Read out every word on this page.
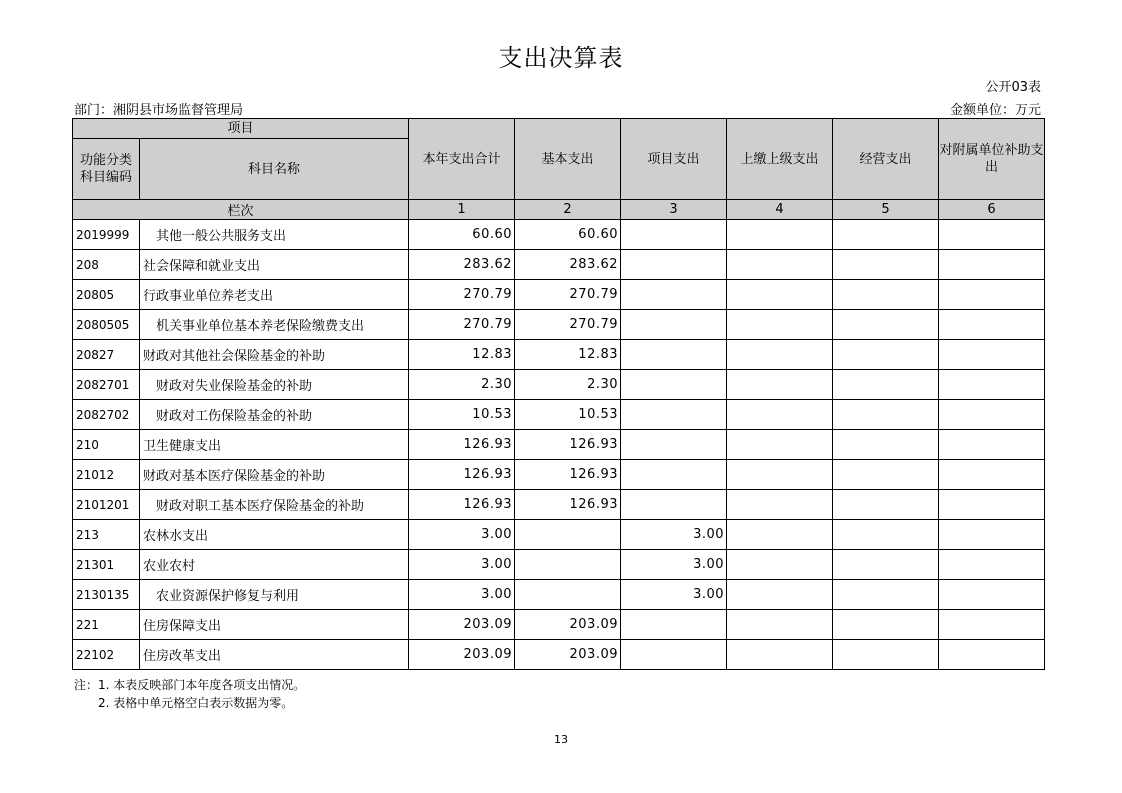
支出决算表
公开03表
部门：湘阴县市场监督管理局	金额单位：万元
项目		本年支出合计	基本支出	项目支出	上缴上级支出	经营支出	对附属单位补助支出
功能分类科目编码	科目名称						
栏次		1	2	3	4	5	6
2019999	其他一般公共服务支出	60.60	60.60				
208	社会保障和就业支出	283.62	283.62				
20805	行政事业单位养老支出	270.79	270.79				
2080505	机关事业单位基本养老保险缴费支出	270.79	270.79				
20827	财政对其他社会保险基金的补助	12.83	12.83				
2082701	财政对失业保险基金的补助	2.30	2.30				
2082702	财政对工伤保险基金的补助	10.53	10.53				
210	卫生健康支出	126.93	126.93				
21012	财政对基本医疗保险基金的补助	126.93	126.93				
2101201	财政对职工基本医疗保险基金的补助	126.93	126.93				
213	农林水支出	3.00		3.00			
21301	农业农村	3.00		3.00			
2130135	农业资源保护修复与利用	3.00		3.00			
221	住房保障支出	203.09	203.09				
22102	住房改革支出	203.09	203.09				
注：1. 本表反映部门本年度各项支出情况。
2. 表格中单元格空白表示数据为零。
13
